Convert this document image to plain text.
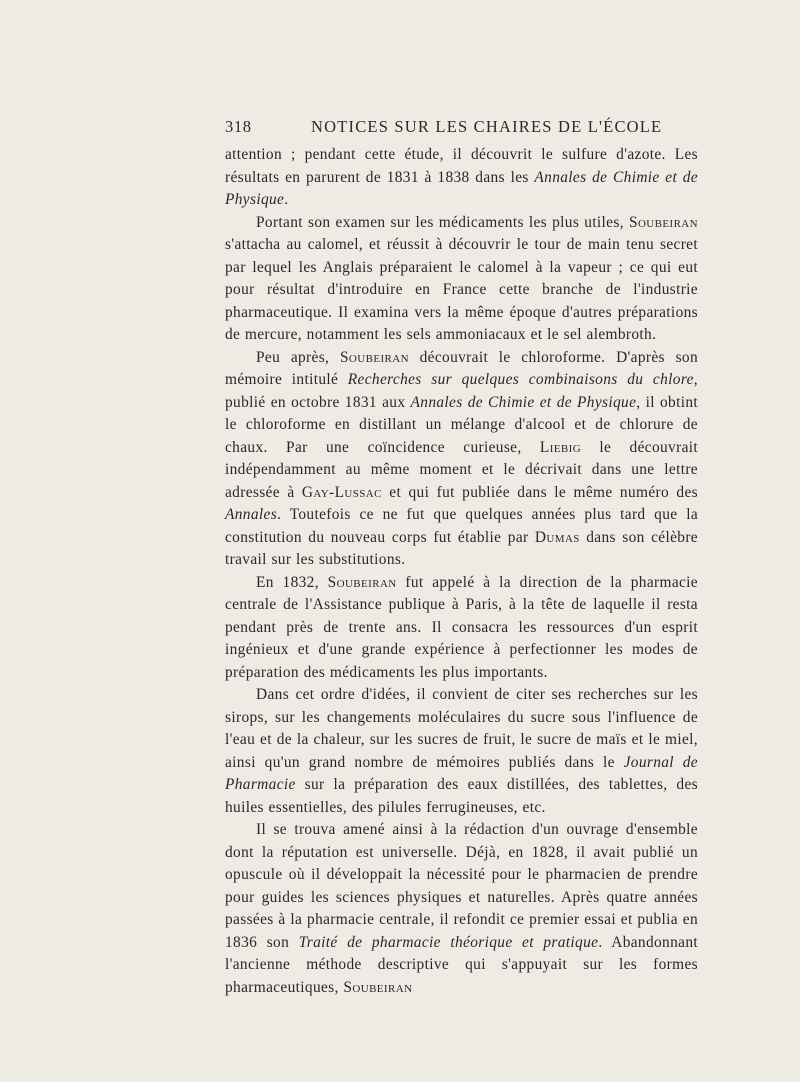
318	NOTICES SUR LES CHAIRES DE L'ÉCOLE

attention ; pendant cette étude, il découvrit le sulfure d'azote. Les résultats en parurent de 1831 à 1838 dans les Annales de Chimie et de Physique.

Portant son examen sur les médicaments les plus utiles, Soubeiran s'attacha au calomel, et réussit à découvrir le tour de main tenu secret par lequel les Anglais préparaient le calomel à la vapeur ; ce qui eut pour résultat d'introduire en France cette branche de l'industrie pharmaceutique. Il examina vers la même époque d'autres préparations de mercure, notamment les sels ammoniacaux et le sel alembroth.

Peu après, Soubeiran découvrait le chloroforme. D'après son mémoire intitulé Recherches sur quelques combinaisons du chlore, publié en octobre 1831 aux Annales de Chimie et de Physique, il obtint le chloroforme en distillant un mélange d'alcool et de chlorure de chaux. Par une coïncidence curieuse, Liebig le découvrait indépendamment au même moment et le décrivait dans une lettre adressée à Gay-Lussac et qui fut publiée dans le même numéro des Annales. Toutefois ce ne fut que quelques années plus tard que la constitution du nouveau corps fut établie par Dumas dans son célèbre travail sur les substitutions.

En 1832, Soubeiran fut appelé à la direction de la pharmacie centrale de l'Assistance publique à Paris, à la tête de laquelle il resta pendant près de trente ans. Il consacra les ressources d'un esprit ingénieux et d'une grande expérience à perfectionner les modes de préparation des médicaments les plus importants.

Dans cet ordre d'idées, il convient de citer ses recherches sur les sirops, sur les changements moléculaires du sucre sous l'influence de l'eau et de la chaleur, sur les sucres de fruit, le sucre de maïs et le miel, ainsi qu'un grand nombre de mémoires publiés dans le Journal de Pharmacie sur la préparation des eaux distillées, des tablettes, des huiles essentielles, des pilules ferrugineuses, etc.

Il se trouva amené ainsi à la rédaction d'un ouvrage d'ensemble dont la réputation est universelle. Déjà, en 1828, il avait publié un opuscule où il développait la nécessité pour le pharmacien de prendre pour guides les sciences physiques et naturelles. Après quatre années passées à la pharmacie centrale, il refondit ce premier essai et publia en 1836 son Traité de pharmacie théorique et pratique. Abandonnant l'ancienne méthode descriptive qui s'appuyait sur les formes pharmaceutiques, Soubeiran
